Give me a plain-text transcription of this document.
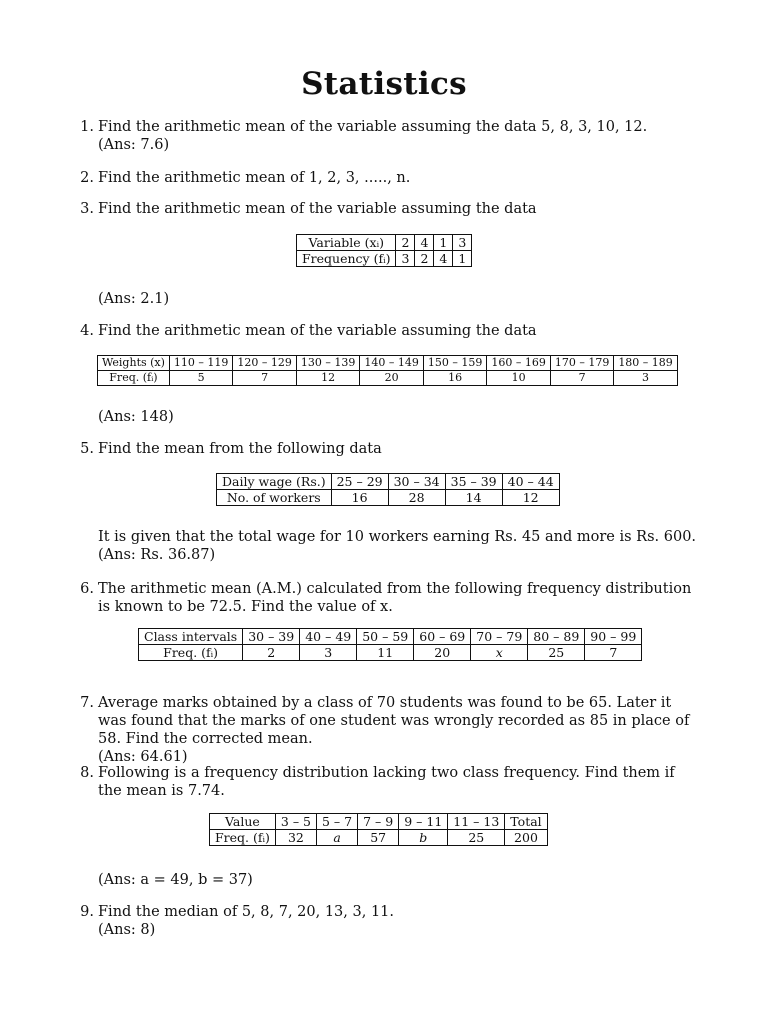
Statistics
1. Find the arithmetic mean of the variable assuming the data 5, 8, 3, 10, 12.

(Ans: 7.6)

2. Find the arithmetic mean of 1, 2, 3, ....., n.

3. Find the arithmetic mean of the variable assuming the data

Variable (xᵢ)	2	4	1	3
Frequency (fᵢ)	3	2	4	1

(Ans: 2.1)

4. Find the arithmetic mean of the variable assuming the data

Weights (x)	110 – 119	120 – 129	130 – 139	140 – 149	150 – 159	160 – 169	170 – 179	180 – 189
Freq. (fᵢ)	5	7	12	20	16	10	7	3

(Ans: 148)

5. Find the mean from the following data

Daily wage (Rs.)	25 – 29	30 – 34	35 – 39	40 – 44
No. of workers	16	28	14	12

It is given that the total wage for 10 workers earning Rs. 45 and more is Rs. 600.

(Ans: Rs. 36.87)

6. The arithmetic mean (A.M.) calculated from the following frequency distribution is known to be 72.5. Find the value of x.

Class intervals	30 – 39	40 – 49	50 – 59	60 – 69	70 – 79	80 – 89	90 – 99
Freq. (fᵢ)	2	3	11	20	x	25	7
7. Average marks obtained by a class of 70 students was found to be 65. Later it was found that the marks of one student was wrongly recorded as 85 in place of 58. Find the corrected mean.

(Ans: 64.61)

8. Following is a frequency distribution lacking two class frequency. Find them if the mean is 7.74.

Value	3 – 5	5 – 7	7 – 9	9 – 11	11 – 13	Total
Freq. (fᵢ)	32	a	57	b	25	200

(Ans: a = 49, b = 37)

9. Find the median of 5, 8, 7, 20, 13, 3, 11.

(Ans: 8)
